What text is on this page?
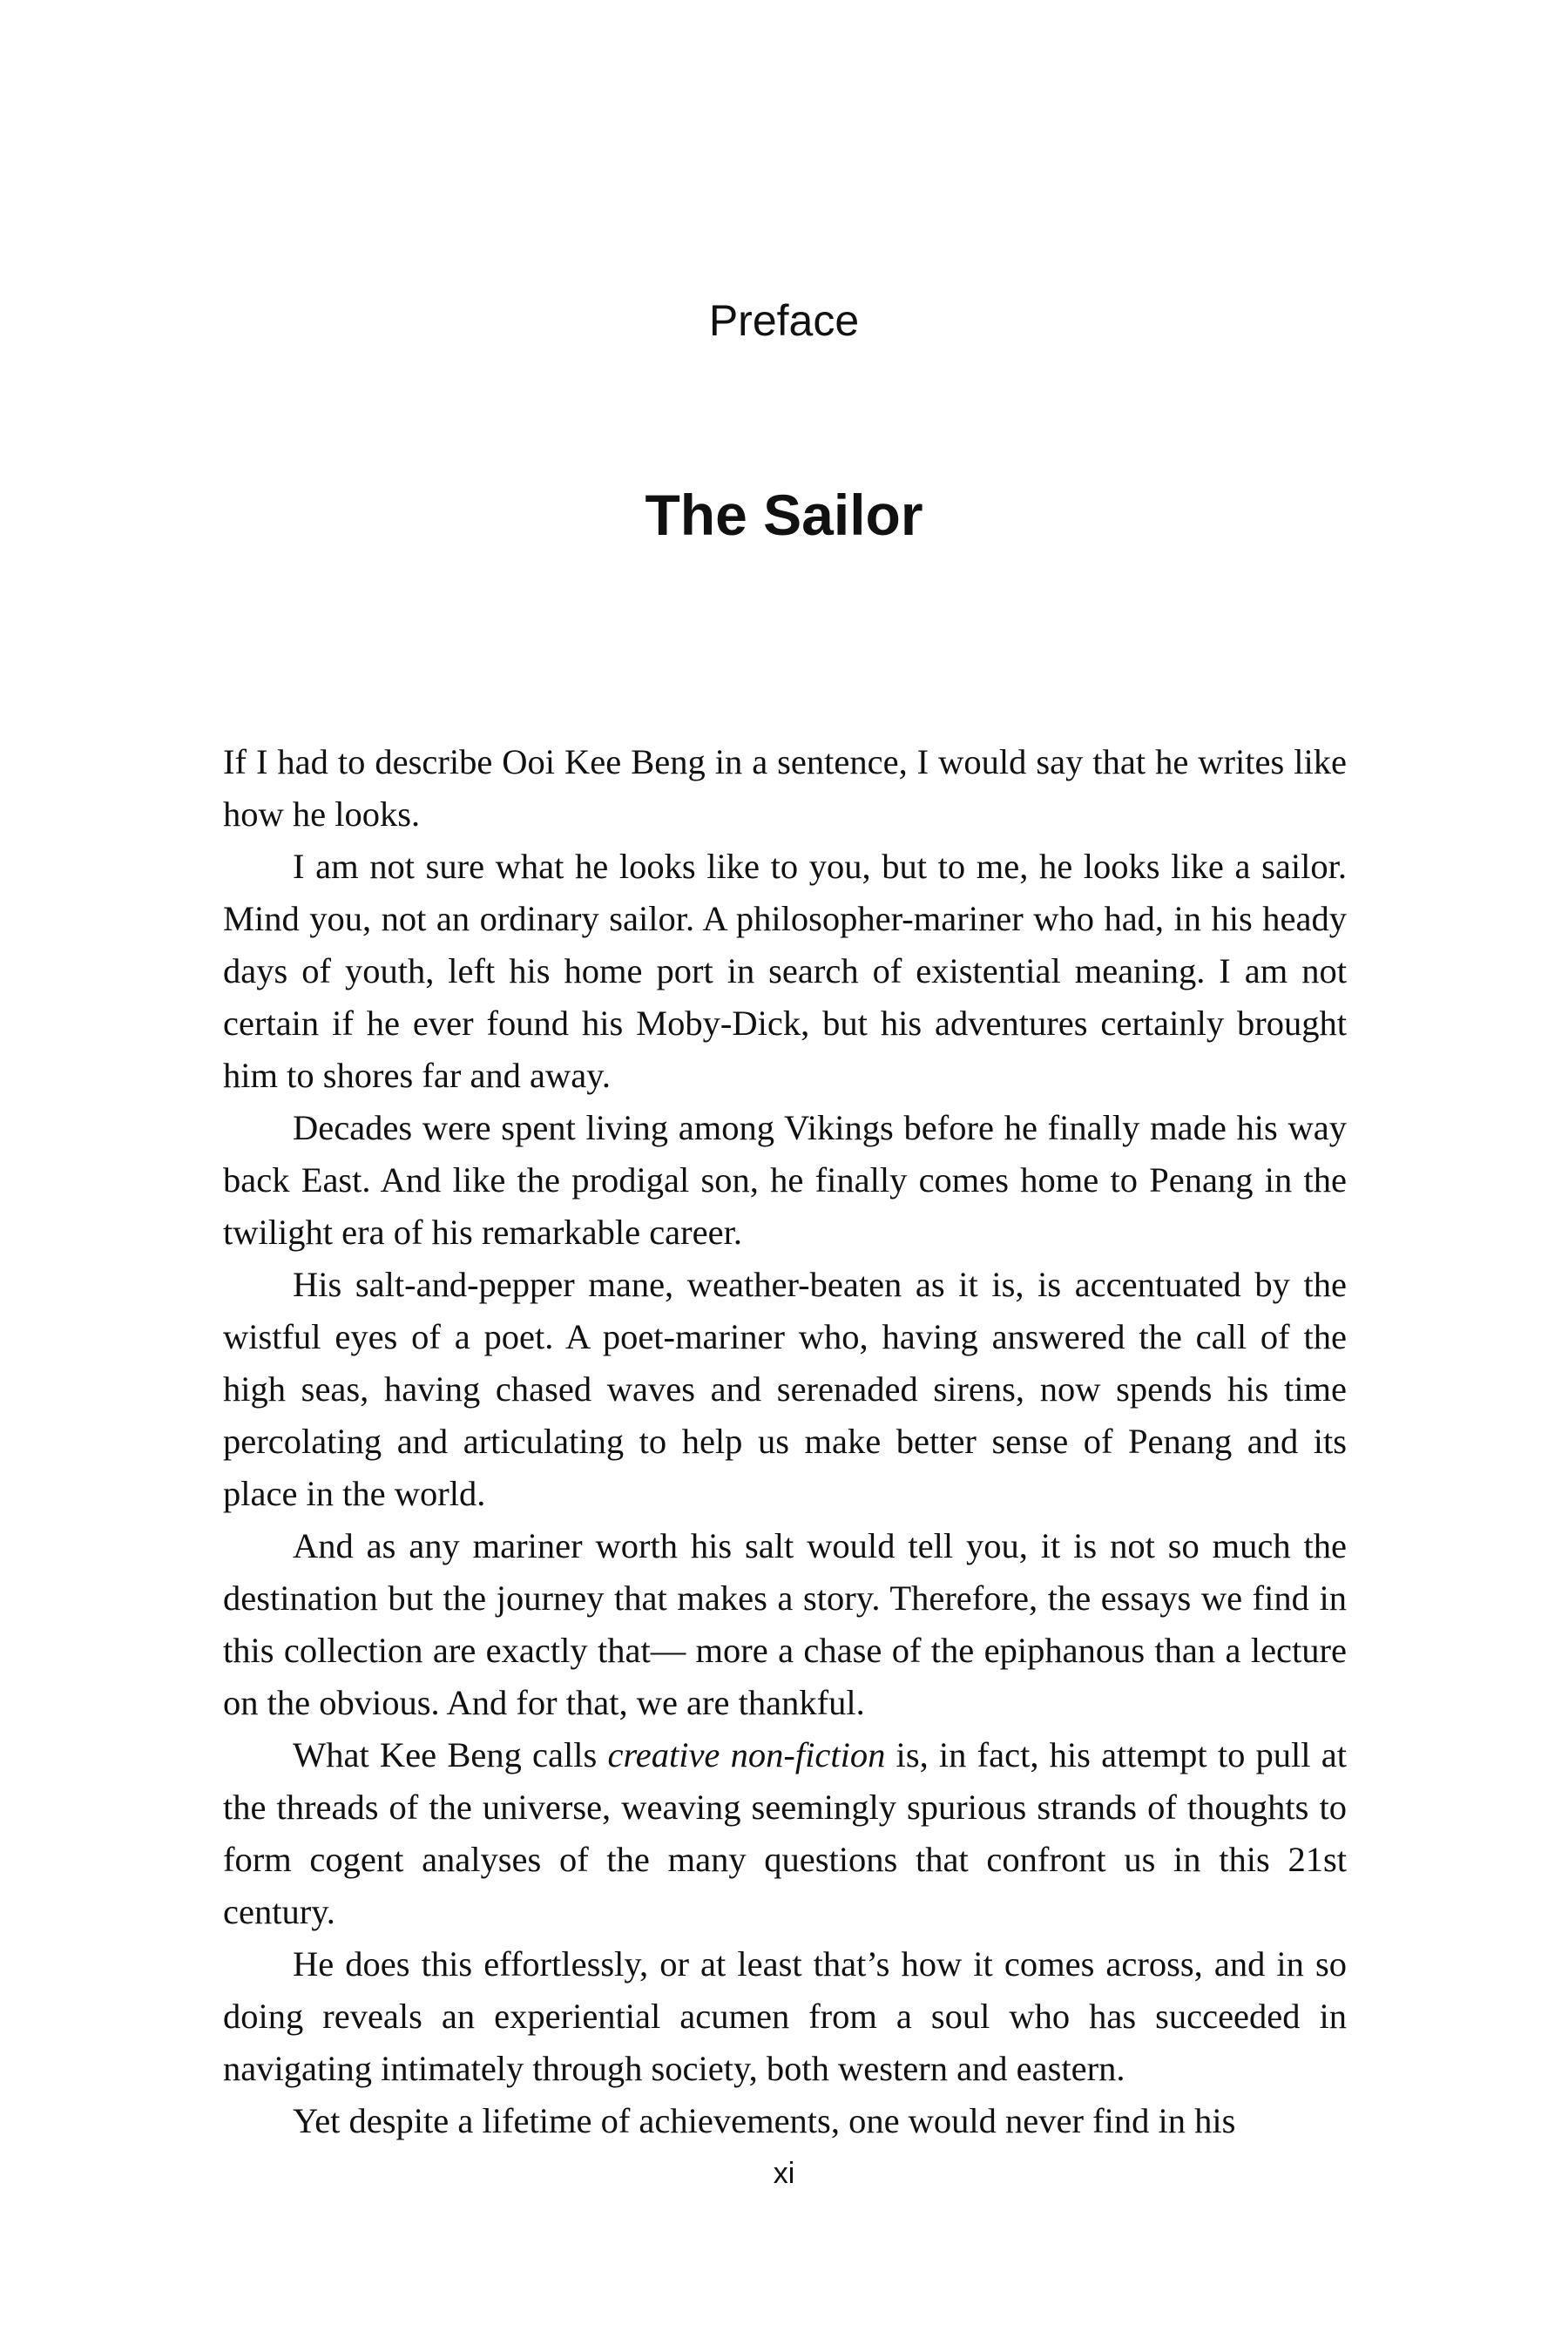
Preface
The Sailor

If I had to describe Ooi Kee Beng in a sentence, I would say that he writes like how he looks.

I am not sure what he looks like to you, but to me, he looks like a sailor. Mind you, not an ordinary sailor. A philosopher-mariner who had, in his heady days of youth, left his home port in search of existential meaning. I am not certain if he ever found his Moby-Dick, but his adventures certainly brought him to shores far and away.

Decades were spent living among Vikings before he finally made his way back East. And like the prodigal son, he finally comes home to Penang in the twilight era of his remarkable career.

His salt-and-pepper mane, weather-beaten as it is, is accentuated by the wistful eyes of a poet. A poet-mariner who, having answered the call of the high seas, having chased waves and serenaded sirens, now spends his time percolating and articulating to help us make better sense of Penang and its place in the world.

And as any mariner worth his salt would tell you, it is not so much the destination but the journey that makes a story. Therefore, the essays we find in this collection are exactly that— more a chase of the epiphanous than a lecture on the obvious. And for that, we are thankful.

What Kee Beng calls creative non-fiction is, in fact, his attempt to pull at the threads of the universe, weaving seemingly spurious strands of thoughts to form cogent analyses of the many questions that confront us in this 21st century.

He does this effortlessly, or at least that’s how it comes across, and in so doing reveals an experiential acumen from a soul who has succeeded in navigating intimately through society, both western and eastern.

Yet despite a lifetime of achievements, one would never find in his

xi
